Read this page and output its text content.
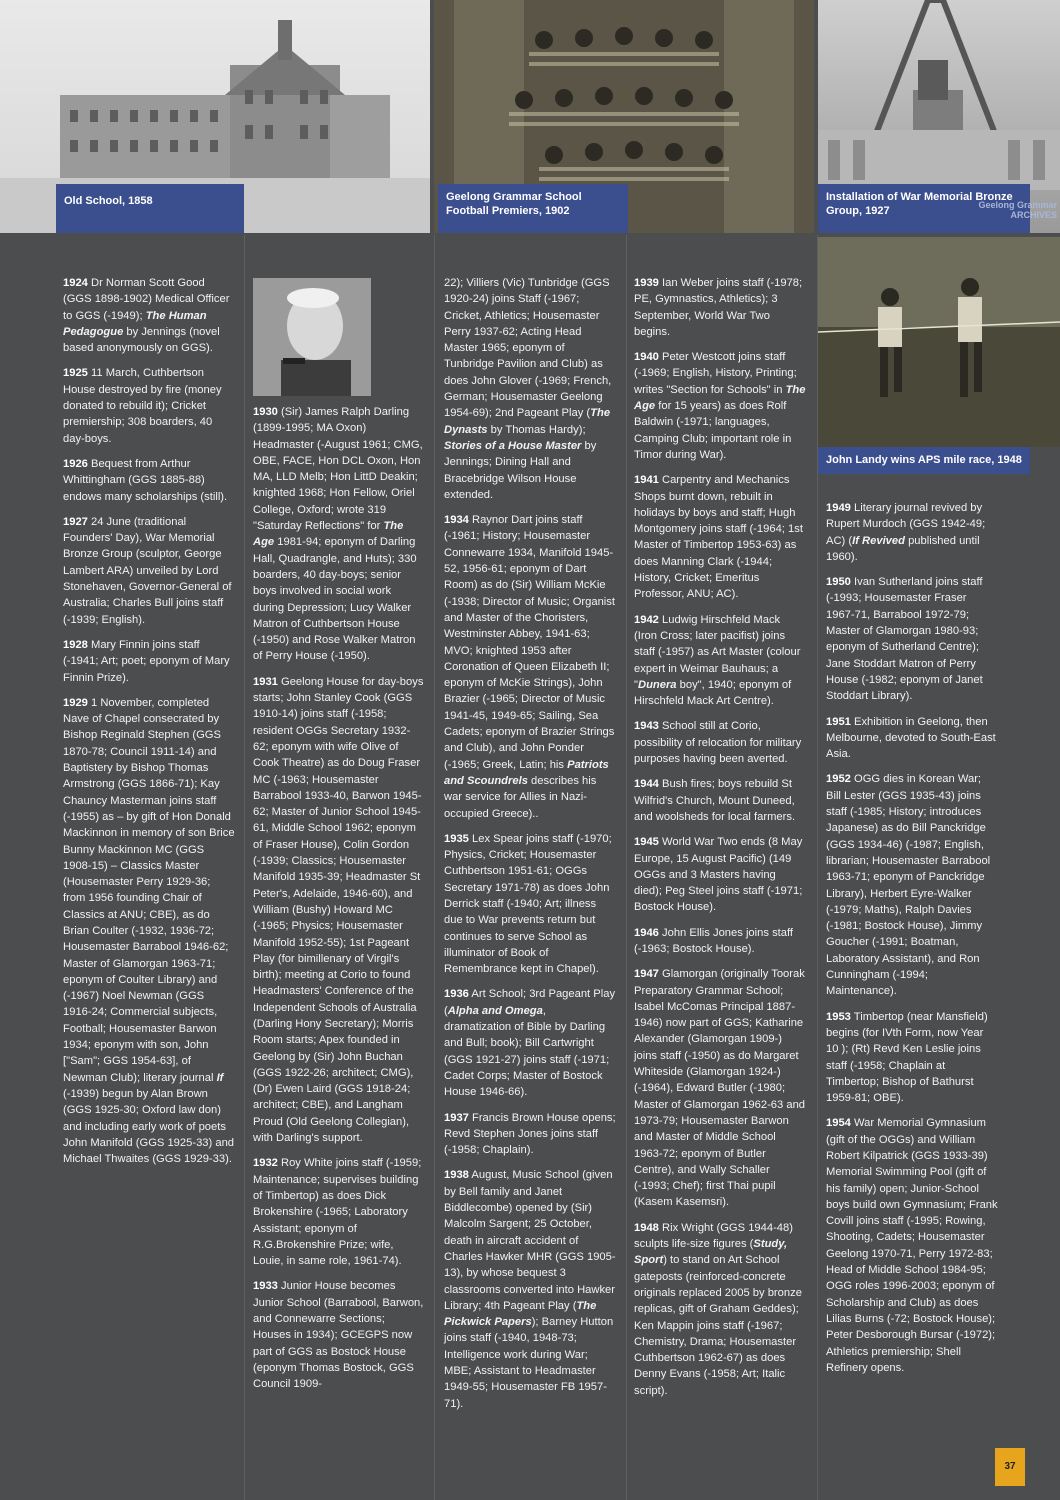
Old School, 1858	Geelong Grammar School Football Premiers, 1902
Installation of War Memorial Bronze Group, 1927	Geelong Grammar ARCHIVES
John Landy wins APS mile race, 1948

1924 Dr Norman Scott Good (GGS 1898-1902) Medical Officer to GGS (-1949); The Human Pedagogue by Jennings (novel based anonymously on GGS).

1925 11 March, Cuthbertson House destroyed by fire (money donated to rebuild it); Cricket premiership; 308 boarders, 40 day-boys.

1926 Bequest from Arthur Whittingham (GGS 1885-88) endows many scholarships (still).

1927 24 June (traditional Founders' Day), War Memorial Bronze Group (sculptor, George Lambert ARA) unveiled by Lord Stonehaven, Governor-General of Australia; Charles Bull joins staff (-1939; English).

1928 Mary Finnin joins staff (-1941; Art; poet; eponym of Mary Finnin Prize).

1929 1 November, completed Nave of Chapel consecrated by Bishop Reginald Stephen (GGS 1870-78; Council 1911-14) and Baptistery by Bishop Thomas Armstrong (GGS 1866-71); Kay Chauncy Masterman joins staff (-1955) as – by gift of Hon Donald Mackinnon in memory of son Brice Bunny Mackinnon MC (GGS 1908-15) – Classics Master (Housemaster Perry 1929-36; from 1956 founding Chair of Classics at ANU; CBE), as do Brian Coulter (-1932, 1936-72; Housemaster Barrabool 1946-62; Master of Glamorgan 1963-71; eponym of Coulter Library) and (-1967) Noel Newman (GGS 1916-24; Commercial subjects, Football; Housemaster Barwon 1934; eponym with son, John ["Sam"; GGS 1954-63], of Newman Club); literary journal If (-1939) begun by Alan Brown (GGS 1925-30; Oxford law don) and including early work of poets John Manifold (GGS 1925-33) and Michael Thwaites (GGS 1929-33).

1930 (Sir) James Ralph Darling (1899-1995; MA Oxon) Headmaster (-August 1961; CMG, OBE, FACE, Hon DCL Oxon, Hon MA, LLD Melb; Hon LittD Deakin; knighted 1968; Hon Fellow, Oriel College, Oxford; wrote 319 "Saturday Reflections" for The Age 1981-94; eponym of Darling Hall, Quadrangle, and Huts); 330 boarders, 40 day-boys; senior boys involved in social work during Depression; Lucy Walker Matron of Cuthbertson House (-1950) and Rose Walker Matron of Perry House (-1950).

1931 Geelong House for day-boys starts; John Stanley Cook (GGS 1910-14) joins staff (-1958; resident OGGs Secretary 1932-62; eponym with wife Olive of Cook Theatre) as do Doug Fraser MC (-1963; Housemaster Barrabool 1933-40, Barwon 1945-62; Master of Junior School 1945-61, Middle School 1962; eponym of Fraser House), Colin Gordon (-1939; Classics; Housemaster Manifold 1935-39; Headmaster St Peter's, Adelaide, 1946-60), and William (Bushy) Howard MC (-1965; Physics; Housemaster Manifold 1952-55); 1st Pageant Play (for bimillenary of Virgil's birth); meeting at Corio to found Headmasters' Conference of the Independent Schools of Australia (Darling Hony Secretary); Morris Room starts; Apex founded in Geelong by (Sir) John Buchan (GGS 1922-26; architect; CMG), (Dr) Ewen Laird (GGS 1918-24; architect; CBE), and Langham Proud (Old Geelong Collegian), with Darling's support.

1932 Roy White joins staff (-1959; Maintenance; supervises building of Timbertop) as does Dick Brokenshire (-1965; Laboratory Assistant; eponym of R.G.Brokenshire Prize; wife, Louie, in same role, 1961-74).

1933 Junior House becomes Junior School (Barrabool, Barwon, and Connewarre Sections; Houses in 1934); GCEGPS now part of GGS as Bostock House (eponym Thomas Bostock, GGS Council 1909-

22); Villiers (Vic) Tunbridge (GGS 1920-24) joins Staff (-1967; Cricket, Athletics; Housemaster Perry 1937-62; Acting Head Master 1965; eponym of Tunbridge Pavilion and Club) as does John Glover (-1969; French, German; Housemaster Geelong 1954-69); 2nd Pageant Play (The Dynasts by Thomas Hardy); Stories of a House Master by Jennings; Dining Hall and Bracebridge Wilson House extended.

1934 Raynor Dart joins staff (-1961; History; Housemaster Connewarre 1934, Manifold 1945-52, 1956-61; eponym of Dart Room) as do (Sir) William McKie (-1938; Director of Music; Organist and Master of the Choristers, Westminster Abbey, 1941-63; MVO; knighted 1953 after Coronation of Queen Elizabeth II; eponym of McKie Strings), John Brazier (-1965; Director of Music 1941-45, 1949-65; Sailing, Sea Cadets; eponym of Brazier Strings and Club), and John Ponder (-1965; Greek, Latin; his Patriots and Scoundrels describes his war service for Allies in Nazi-occupied Greece)..

1935 Lex Spear joins staff (-1970; Physics, Cricket; Housemaster Cuthbertson 1951-61; OGGs Secretary 1971-78) as does John Derrick staff (-1940; Art; illness due to War prevents return but continues to serve School as illuminator of Book of Remembrance kept in Chapel).

1936 Art School; 3rd Pageant Play (Alpha and Omega, dramatization of Bible by Darling and Bull; book); Bill Cartwright (GGS 1921-27) joins staff (-1971; Cadet Corps; Master of Bostock House 1946-66).

1937 Francis Brown House opens; Revd Stephen Jones joins staff (-1958; Chaplain).

1938 August, Music School (given by Bell family and Janet Biddlecombe) opened by (Sir) Malcolm Sargent; 25 October, death in aircraft accident of Charles Hawker MHR (GGS 1905-13), by whose bequest 3 classrooms converted into Hawker Library; 4th Pageant Play (The Pickwick Papers); Barney Hutton joins staff (-1940, 1948-73; Intelligence work during War; MBE; Assistant to Headmaster 1949-55; Housemaster FB 1957-71).

1939 Ian Weber joins staff (-1978; PE, Gymnastics, Athletics); 3 September, World War Two begins.

1940 Peter Westcott joins staff (-1969; English, History, Printing; writes "Section for Schools" in The Age for 15 years) as does Rolf Baldwin (-1971; languages, Camping Club; important role in Timor during War).

1941 Carpentry and Mechanics Shops burnt down, rebuilt in holidays by boys and staff; Hugh Montgomery joins staff (-1964; 1st Master of Timbertop 1953-63) as does Manning Clark (-1944; History, Cricket; Emeritus Professor, ANU; AC).

1942 Ludwig Hirschfeld Mack (Iron Cross; later pacifist) joins staff (-1957) as Art Master (colour expert in Weimar Bauhaus; a "Dunera boy", 1940; eponym of Hirschfeld Mack Art Centre).

1943 School still at Corio, possibility of relocation for military purposes having been averted.

1944 Bush fires; boys rebuild St Wilfrid's Church, Mount Duneed, and woolsheds for local farmers.

1945 World War Two ends (8 May Europe, 15 August Pacific) (149 OGGs and 3 Masters having died); Peg Steel joins staff (-1971; Bostock House).

1946 John Ellis Jones joins staff (-1963; Bostock House).

1947 Glamorgan (originally Toorak Preparatory Grammar School; Isabel McComas Principal 1887-1946) now part of GGS; Katharine Alexander (Glamorgan 1909-) joins staff (-1950) as do Margaret Whiteside (Glamorgan 1924-) (-1964), Edward Butler (-1980; Master of Glamorgan 1962-63 and 1973-79; Housemaster Barwon and Master of Middle School 1963-72; eponym of Butler Centre), and Wally Schaller (-1993; Chef); first Thai pupil (Kasem Kasemsri).

1948 Rix Wright (GGS 1944-48) sculpts life-size figures (Study, Sport) to stand on Art School gateposts (reinforced-concrete originals replaced 2005 by bronze replicas, gift of Graham Geddes); Ken Mappin joins staff (-1967; Chemistry, Drama; Housemaster Cuthbertson 1962-67) as does Denny Evans (-1958; Art; Italic script).

1949 Literary journal revived by Rupert Murdoch (GGS 1942-49; AC) (If Revived published until 1960).

1950 Ivan Sutherland joins staff (-1993; Housemaster Fraser 1967-71, Barrabool 1972-79; Master of Glamorgan 1980-93; eponym of Sutherland Centre); Jane Stoddart Matron of Perry House (-1982; eponym of Janet Stoddart Library).

1951 Exhibition in Geelong, then Melbourne, devoted to South-East Asia.

1952 OGG dies in Korean War; Bill Lester (GGS 1935-43) joins staff (-1985; History; introduces Japanese) as do Bill Panckridge (GGS 1934-46) (-1987; English, librarian; Housemaster Barrabool 1963-71; eponym of Panckridge Library), Herbert Eyre-Walker (-1979; Maths), Ralph Davies (-1981; Bostock House), Jimmy Goucher (-1991; Boatman, Laboratory Assistant), and Ron Cunningham (-1994; Maintenance).

1953 Timbertop (near Mansfield) begins (for IVth Form, now Year 10 ); (Rt) Revd Ken Leslie joins staff (-1958; Chaplain at Timbertop; Bishop of Bathurst 1959-81; OBE).

1954 War Memorial Gymnasium (gift of the OGGs) and William Robert Kilpatrick (GGS 1933-39) Memorial Swimming Pool (gift of his family) open; Junior-School boys build own Gymnasium; Frank Covill joins staff (-1995; Rowing, Shooting, Cadets; Housemaster Geelong 1970-71, Perry 1972-83; Head of Middle School 1984-95; OGG roles 1996-2003; eponym of Scholarship and Club) as does Lilias Burns (-72; Bostock House); Peter Desborough Bursar (-1972); Athletics premiership; Shell Refinery opens.

37
